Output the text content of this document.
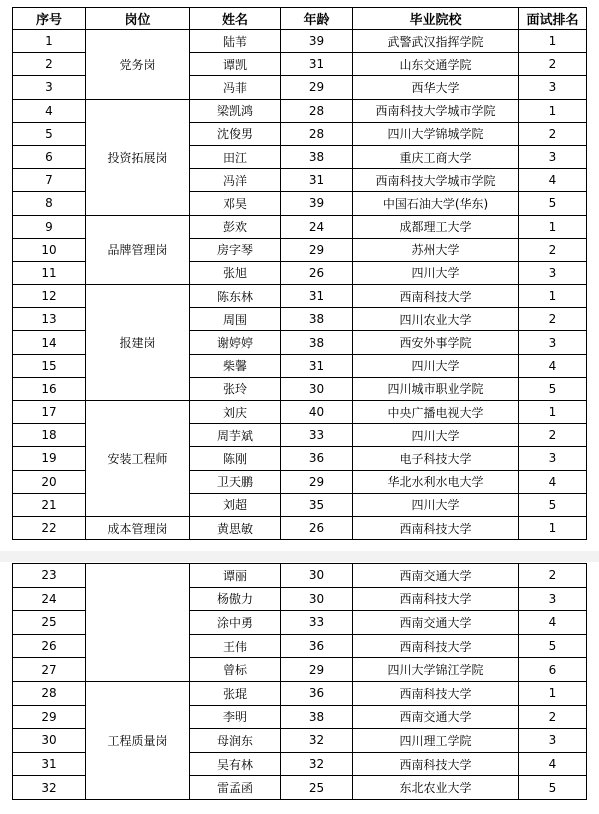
序号	岗位	姓名	年龄	毕业院校	面试排名
1	党务岗	陆苇	39	武警武汉指挥学院	1
2		谭凯	31	山东交通学院	2
3		冯菲	29	西华大学	3
4	投资拓展岗	梁凯鸿	28	西南科技大学城市学院	1
5		沈俊男	28	四川大学锦城学院	2
6		田江	38	重庆工商大学	3
7		冯洋	31	西南科技大学城市学院	4
8		邓昊	39	中国石油大学(华东)	5
9	品牌管理岗	彭欢	24	成都理工大学	1
10		房字琴	29	苏州大学	2
11		张旭	26	四川大学	3
12	报建岗	陈东林	31	西南科技大学	1
13		周围	38	四川农业大学	2
14		谢婷婷	38	西安外事学院	3
15		柴馨	31	四川大学	4
16		张玲	30	四川城市职业学院	5
17	安装工程师	刘庆	40	中央广播电视大学	1
18		周芋斌	33	四川大学	2
19		陈刚	36	电子科技大学	3
20		卫天鹏	29	华北水利水电大学	4
21		刘超	35	四川大学	5
22	成本管理岗	黄思敏	26	西南科技大学	1
23		谭丽	30	西南交通大学	2
24		杨傲力	30	西南科技大学	3
25		涂中勇	33	西南交通大学	4
26		王伟	36	西南科技大学	5
27		曾标	29	四川大学锦江学院	6
28	工程质量岗	张琨	36	西南科技大学	1
29		李明	38	西南交通大学	2
30		母润东	32	四川理工学院	3
31		吴有林	32	西南科技大学	4
32		雷孟函	25	东北农业大学	5
